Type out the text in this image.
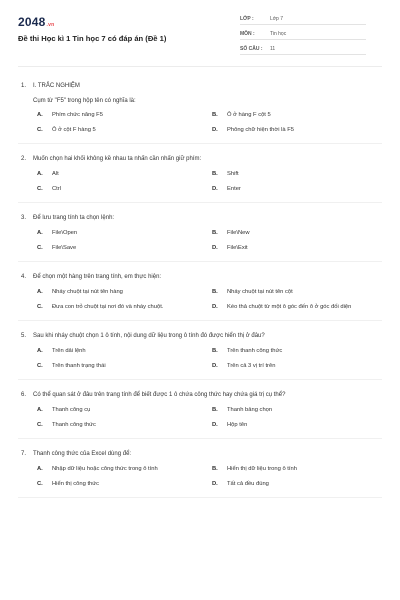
2048.vn
Đề thi Học kì 1 Tin học 7 có đáp án (Đề 1)
LỚP :	Lớp 7
MÔN :	Tin học
SỐ CÂU :	11
1.	I. TRẮC NGHIỆM
Cụm từ "F5" trong hộp tên có nghĩa là:
A.	Phím chức năng F5	B.	Ô ở hàng F cột 5
C.	Ô ở cột F hàng 5	D.	Phông chữ hiện thời là F5
2.	Muốn chọn hai khối không kề nhau ta nhấn cần nhấn giữ phím:
A.	Alt	B.	Shift
C.	Ctrl	D.	Enter
3.	Để lưu trang tính ta chọn lệnh:
A.	File\Open	B.	File\New
C.	File\Save	D.	File\Exit
4.	Để chọn một hàng trên trang tính, em thực hiện:
A.	Nháy chuột tại nút tên hàng	B.	Nháy chuột tại nút tên cột
C.	Đưa con trỏ chuột tại nơi đó và nháy chuột.	D.	Kéo thả chuột từ một ô góc đến ô ở góc đối diện
5.	Sau khi nháy chuột chọn 1 ô tính, nội dung dữ liệu trong ô tính đó được hiển thị ở đâu?
A.	Trên dải lệnh	B.	Trên thanh công thức
C.	Trên thanh trạng thái	D.	Trên cả 3 vị trí trên
6.	Có thể quan sát ở đâu trên trang tính để biết được 1 ô chứa công thức hay chứa giá trị cụ thể?
A.	Thanh công cụ	B.	Thanh bảng chọn
C.	Thanh công thức	D.	Hộp tên
7.	Thanh công thức của Excel dùng để:
A.	Nhập dữ liệu hoặc công thức trong ô tính	B.	Hiển thị dữ liệu trong ô tính
C.	Hiển thị công thức	D.	Tất cả đều đúng
